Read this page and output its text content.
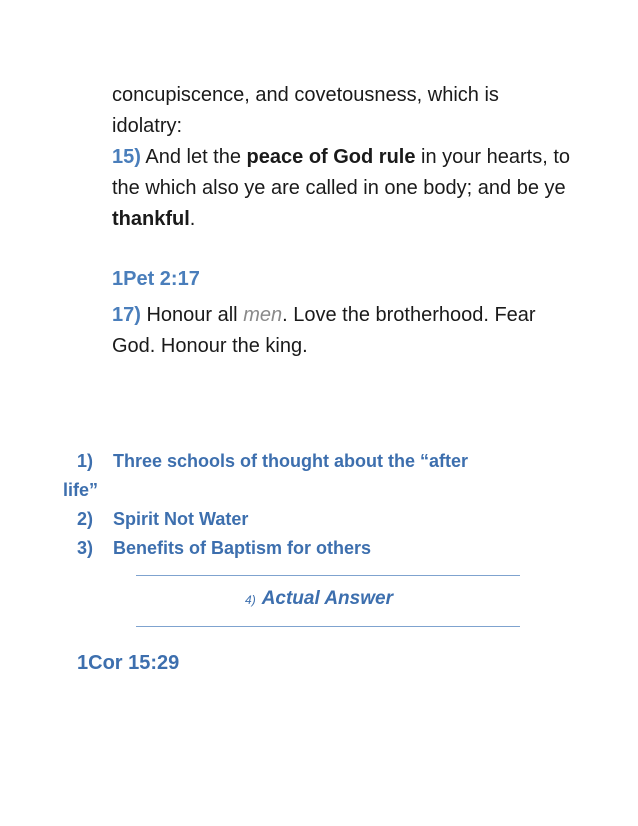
concupiscence, and covetousness, which is
idolatry:

15) And let the peace of God rule in your hearts, to the which also ye are called in one body; and be ye thankful.

1Pet 2:17

17) Honour all men. Love the brotherhood. Fear God. Honour the king.

1)	Three schools of thought about the “after
life”
2)	Spirit Not Water
3)	Benefits of Baptism for others
4) Actual Answer
1Cor 15:29
